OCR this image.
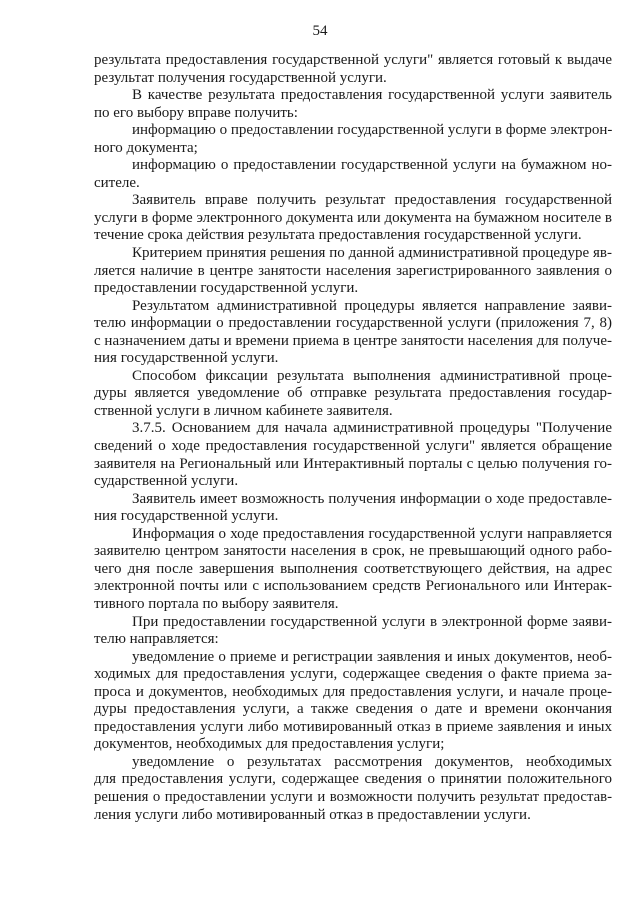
54
результата предоставления государственной услуги" является готовый к выдаче
результат получения государственной услуги.
В качестве результата предоставления государственной услуги заявитель
по его выбору вправе получить:
информацию о предоставлении государственной услуги в форме электрон-
ного документа;
информацию о предоставлении государственной услуги на бумажном но-
сителе.
Заявитель вправе получить результат предоставления государственной
услуги в форме электронного документа или документа на бумажном носителе в
течение срока действия результата предоставления государственной услуги.
Критерием принятия решения по данной административной процедуре яв-
ляется наличие в центре занятости населения зарегистрированного заявления о
предоставлении государственной услуги.
Результатом административной процедуры является направление заяви-
телю информации о предоставлении государственной услуги (приложения 7, 8)
с назначением даты и времени приема в центре занятости населения для получе-
ния государственной услуги.
Способом фиксации результата выполнения административной проце-
дуры является уведомление об отправке результата предоставления государ-
ственной услуги в личном кабинете заявителя.
3.7.5. Основанием для начала административной процедуры "Получение
сведений о ходе предоставления государственной услуги" является обращение
заявителя на Региональный или Интерактивный порталы с целью получения го-
сударственной услуги.
Заявитель имеет возможность получения информации о ходе предоставле-
ния государственной услуги.
Информация о ходе предоставления государственной услуги направляется
заявителю центром занятости населения в срок, не превышающий одного рабо-
чего дня после завершения выполнения соответствующего действия, на адрес
электронной почты или с использованием средств Регионального или Интерак-
тивного портала по выбору заявителя.
При предоставлении государственной услуги в электронной форме заяви-
телю направляется:
уведомление о приеме и регистрации заявления и иных документов, необ-
ходимых для предоставления услуги, содержащее сведения о факте приема за-
проса и документов, необходимых для предоставления услуги, и начале проце-
дуры предоставления услуги, а также сведения о дате и времени окончания
предоставления услуги либо мотивированный отказ в приеме заявления и иных
документов, необходимых для предоставления услуги;
уведомление о результатах рассмотрения документов, необходимых
для предоставления услуги, содержащее сведения о принятии положительного
решения о предоставлении услуги и возможности получить результат предостав-
ления услуги либо мотивированный отказ в предоставлении услуги.
